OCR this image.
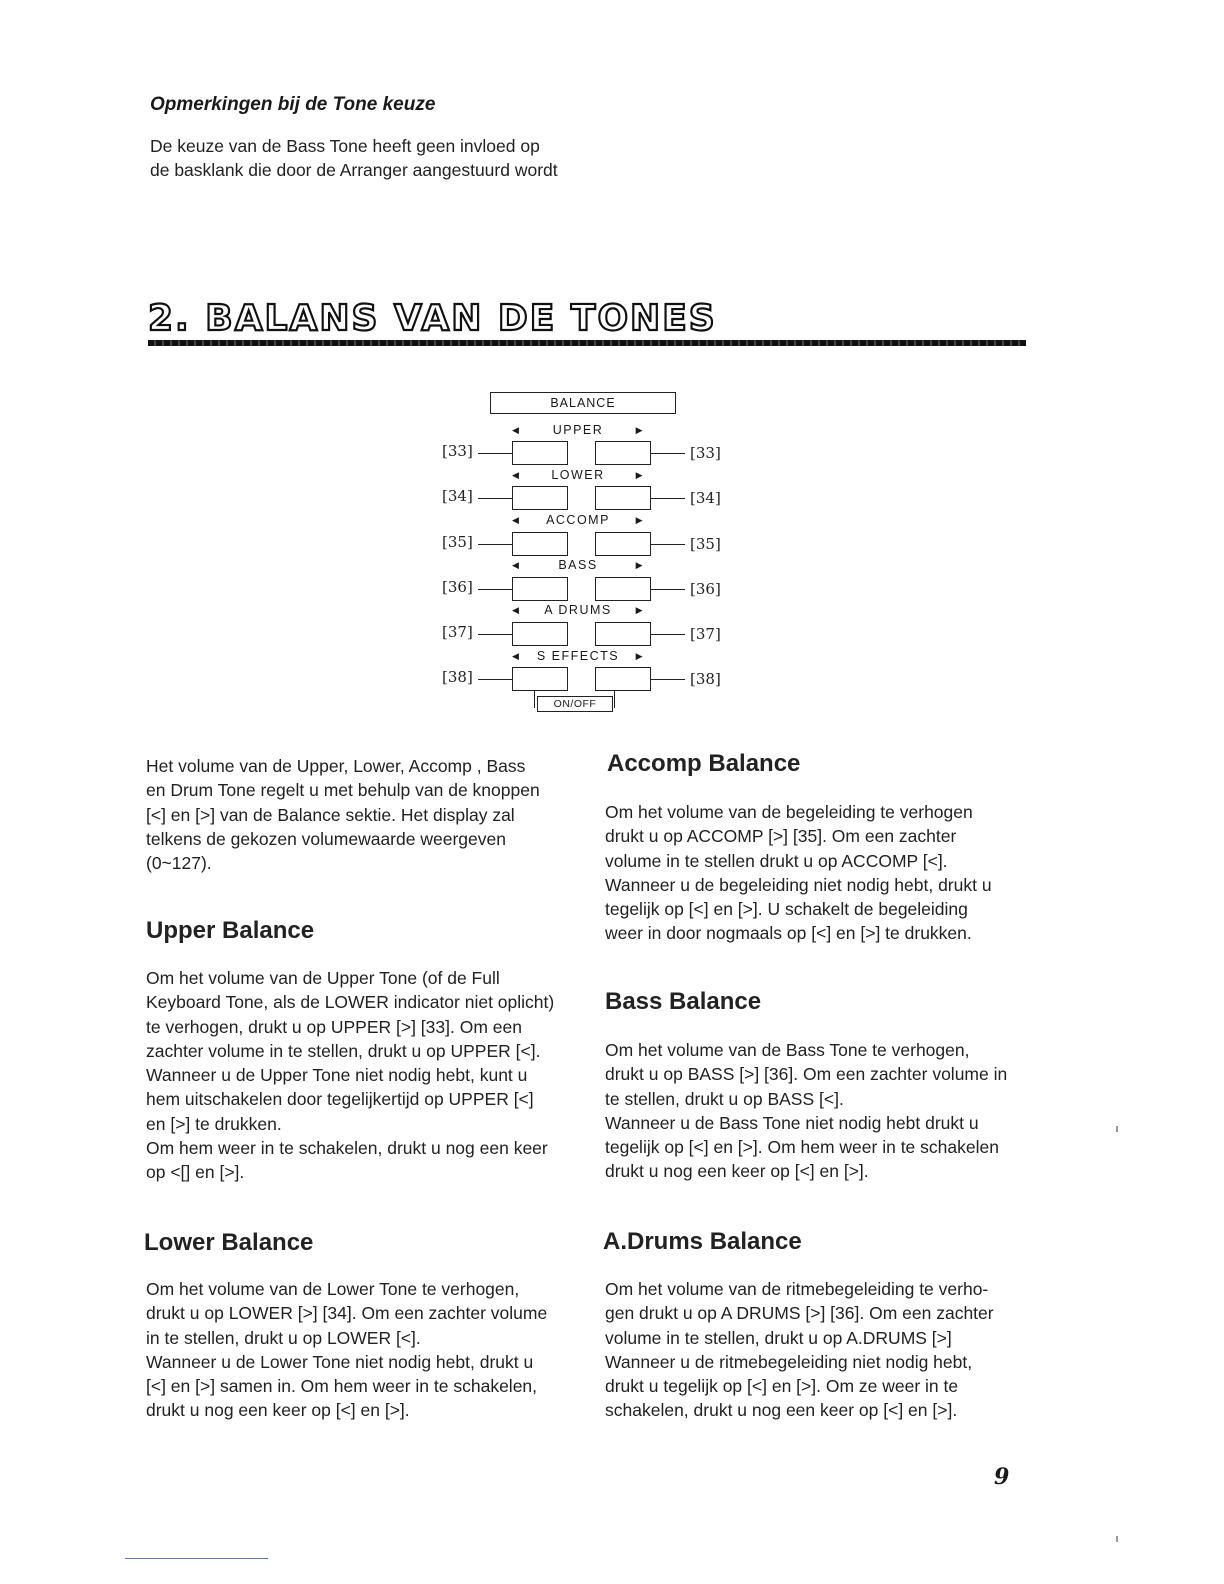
Opmerkingen bij de Tone keuze

De keuze van de Bass Tone heeft geen invloed op

de basklank die door de Arranger aangestuurd wordt

2. BALANS VAN DE TONES
BALANCE
◀	UPPER	▶
[33]	[33]
◀ LOWER	▶
[34]	[34]
◀ ACCOMP	▶
[35]	[35]
◀	BASS	▶
[36]	[36]
◀ A DRUMS	▶
[37]	[37]
◀ S EFFECTS ▶
[38]	[38]
ON/OFF

Het volume van de Upper, Lower, Accomp , Bass

en Drum Tone regelt u met behulp van de knoppen

[<] en [>] van de Balance sektie. Het display zal

telkens de gekozen volumewaarde weergeven

(0~127).

Upper Balance

Om het volume van de Upper Tone (of de Full

Keyboard Tone, als de LOWER indicator niet oplicht)

te verhogen, drukt u op UPPER [>] [33]. Om een

zachter volume in te stellen, drukt u op UPPER [<].

Wanneer u de Upper Tone niet nodig hebt, kunt u

hem uitschakelen door tegelijkertijd op UPPER [<]

en [>] te drukken.

Om hem weer in te schakelen, drukt u nog een keer

op <[] en [>].

Lower Balance

Om het volume van de Lower Tone te verhogen,

drukt u op LOWER [>] [34]. Om een zachter volume

in te stellen, drukt u op LOWER [<].

Wanneer u de Lower Tone niet nodig hebt, drukt u

[<] en [>] samen in. Om hem weer in te schakelen,

drukt u nog een keer op [<] en [>].

Accomp Balance

Om het volume van de begeleiding te verhogen

drukt u op ACCOMP [>] [35]. Om een zachter

volume in te stellen drukt u op ACCOMP [<].

Wanneer u de begeleiding niet nodig hebt, drukt u

tegelijk op [<] en [>]. U schakelt de begeleiding

weer in door nogmaals op [<] en [>] te drukken.

Bass Balance

Om het volume van de Bass Tone te verhogen,

drukt u op BASS [>] [36]. Om een zachter volume in

te stellen, drukt u op BASS [<].

Wanneer u de Bass Tone niet nodig hebt drukt u

tegelijk op [<] en [>]. Om hem weer in te schakelen

drukt u nog een keer op [<] en [>].

A.Drums Balance

Om het volume van de ritmebegeleiding te verho-

gen drukt u op A DRUMS [>] [36]. Om een zachter

volume in te stellen, drukt u op A.DRUMS [>]

Wanneer u de ritmebegeleiding niet nodig hebt,

drukt u tegelijk op [<] en [>]. Om ze weer in te

schakelen, drukt u nog een keer op [<] en [>].

9
